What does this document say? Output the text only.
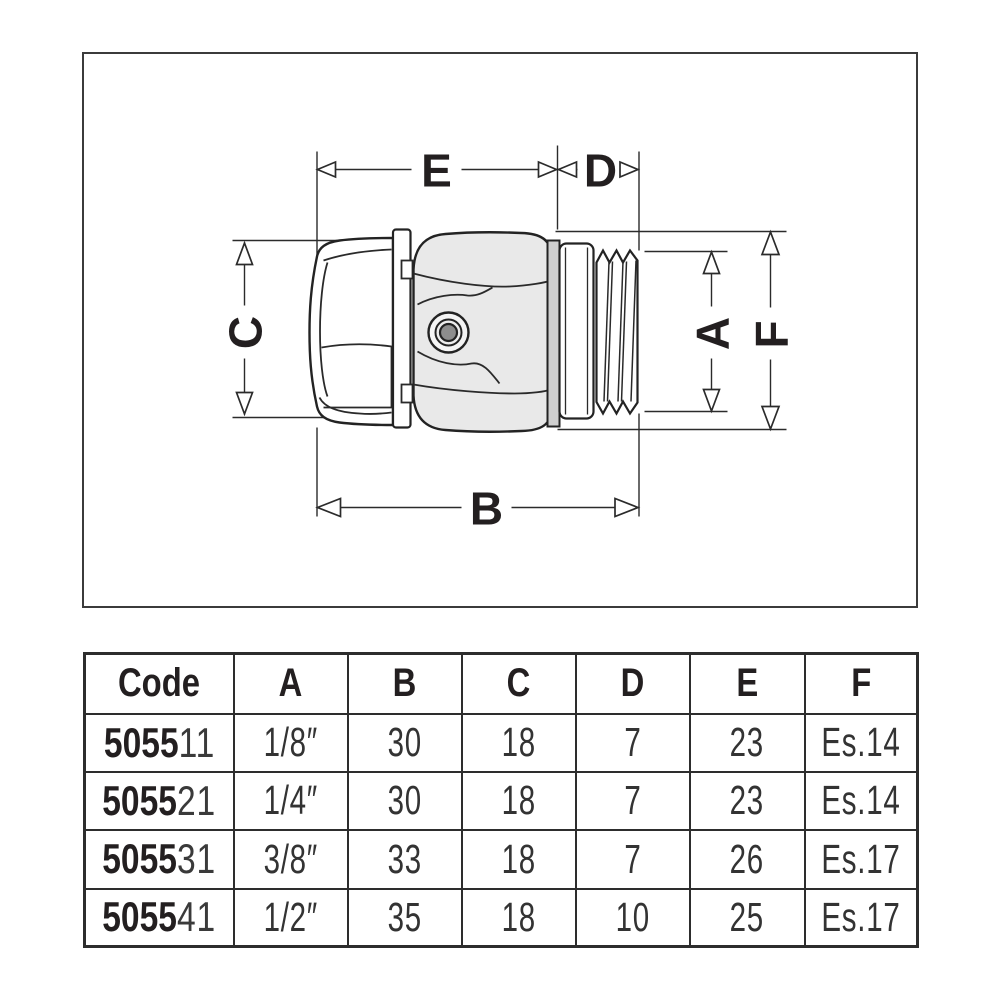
E	D
B
C	A F
Code	A	B	C	D	E	F
505511	1/8″	30	18	7	23	Es.14
505521	1/4″	30	18	7	23	Es.14
505531	3/8″	33	18	7	26	Es.17
505541	1/2″	35	18	10	25	Es.17
